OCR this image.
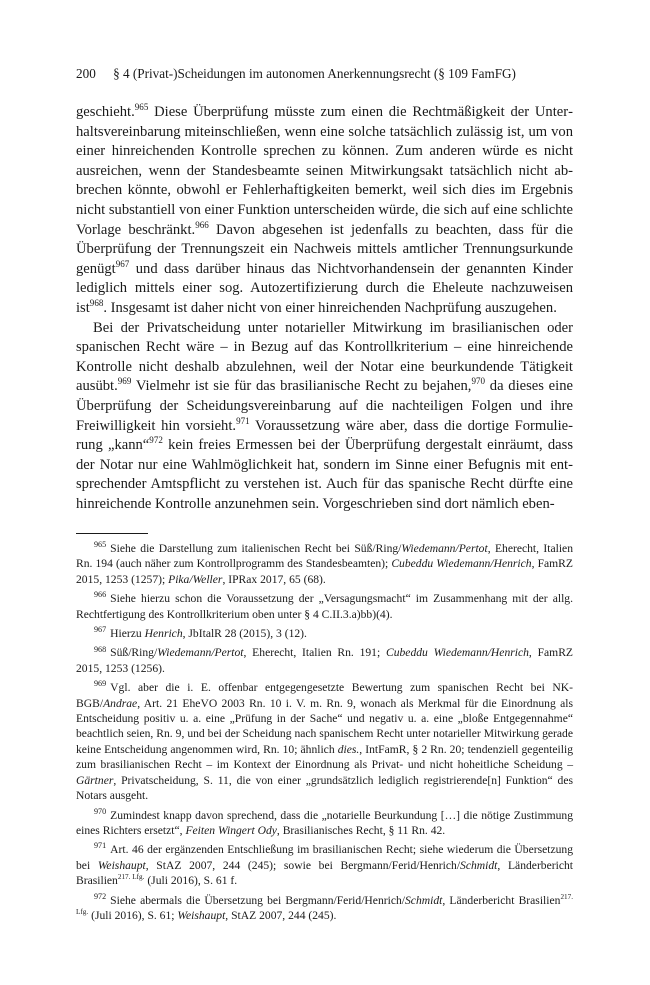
200 § 4 (Privat-)Scheidungen im autonomen Anerkennungsrecht (§ 109 FamFG)

geschieht.$^{965}$ Diese Überprüfung müsste zum einen die Rechtmäßigkeit der Unterhaltsvereinbarung miteinschließen, wenn eine solche tatsächlich zulässig ist, um von einer hinreichenden Kontrolle sprechen zu können. Zum anderen würde es nicht ausreichen, wenn der Standesbeamte seinen Mitwirkungsakt tatsächlich nicht abbrechen könnte, obwohl er Fehlerhaftigkeiten bemerkt, weil sich dies im Ergebnis nicht substantiell von einer Funktion unterscheiden würde, die sich auf eine schlichte Vorlage beschränkt.$^{966}$ Davon abgesehen ist jedenfalls zu beachten, dass für die Überprüfung der Trennungszeit ein Nachweis mittels amtlicher Trennungsurkunde genügt$^{967}$ und dass darüber hinaus das Nichtvorhandensein der genannten Kinder lediglich mittels einer sog. Autozertifizierung durch die Eheleute nachzuweisen ist$^{968}$. Insgesamt ist daher nicht von einer hinreichenden Nachprüfung auszugehen.

Bei der Privatscheidung unter notarieller Mitwirkung im brasilianischen oder spanischen Recht wäre – in Bezug auf das Kontrollkriterium – eine hinreichende Kontrolle nicht deshalb abzulehnen, weil der Notar eine beurkundende Tätigkeit ausübt.$^{969}$ Vielmehr ist sie für das brasilianische Recht zu bejahen,$^{970}$ da dieses eine Überprüfung der Scheidungsvereinbarung auf die nachteiligen Folgen und ihre Freiwilligkeit hin vorsieht.$^{971}$ Voraussetzung wäre aber, dass die dortige Formulierung „kann“$^{972}$ kein freies Ermessen bei der Überprüfung dergestalt einräumt, dass der Notar nur eine Wahlmöglichkeit hat, sondern im Sinne einer Befugnis mit entsprechender Amtspflicht zu verstehen ist. Auch für das spanische Recht dürfte eine hinreichende Kontrolle anzunehmen sein. Vorgeschrieben sind dort nämlich eben-

$^{965}$ Siehe die Darstellung zum italienischen Recht bei Süß/Ring/Wiedemann/Pertot, Eherecht, Italien Rn. 194 (auch näher zum Kontrollprogramm des Standesbeamten); Cubeddu Wiedemann/Henrich, FamRZ 2015, 1253 (1257); Pika/Weller, IPRax 2017, 65 (68).

$^{966}$ Siehe hierzu schon die Voraussetzung der „Versagungsmacht“ im Zusammenhang mit der allg. Rechtfertigung des Kontrollkriterium oben unter § 4 C.II.3.a)bb)(4).

$^{967}$ Hierzu Henrich, JbItalR 28 (2015), 3 (12).

$^{968}$ Süß/Ring/Wiedemann/Pertot, Eherecht, Italien Rn. 191; Cubeddu Wiedemann/Henrich, FamRZ 2015, 1253 (1256).

$^{969}$ Vgl. aber die i. E. offenbar entgegengesetzte Bewertung zum spanischen Recht bei NK-BGB/Andrae, Art. 21 EheVO 2003 Rn. 10 i. V. m. Rn. 9, wonach als Merkmal für die Einordnung als Entscheidung positiv u. a. eine „Prüfung in der Sache“ und negativ u. a. eine „bloße Entgegennahme“ beachtlich seien, Rn. 9, und bei der Scheidung nach spanischem Recht unter notarieller Mitwirkung gerade keine Entscheidung angenommen wird, Rn. 10; ähnlich dies., IntFamR, § 2 Rn. 20; tendenziell gegenteilig zum brasilianischen Recht – im Kontext der Einordnung als Privat- und nicht hoheitliche Scheidung – Gärtner, Privatscheidung, S. 11, die von einer „grundsätzlich lediglich registrierende[n] Funktion“ des Notars ausgeht.

$^{970}$ Zumindest knapp davon sprechend, dass die „notarielle Beurkundung […] die nötige Zustimmung eines Richters ersetzt“, Feiten Wingert Ody, Brasilianisches Recht, § 11 Rn. 42.

$^{971}$ Art. 46 der ergänzenden Entschließung im brasilianischen Recht; siehe wiederum die Übersetzung bei Weishaupt, StAZ 2007, 244 (245); sowie bei Bergmann/Ferid/Henrich/Schmidt, Länderbericht Brasilien$^{217. Lfg.}$ (Juli 2016), S. 61 f.

$^{972}$ Siehe abermals die Übersetzung bei Bergmann/Ferid/Henrich/Schmidt, Länderbericht Brasilien$^{217. Lfg.}$ (Juli 2016), S. 61; Weishaupt, StAZ 2007, 244 (245).
